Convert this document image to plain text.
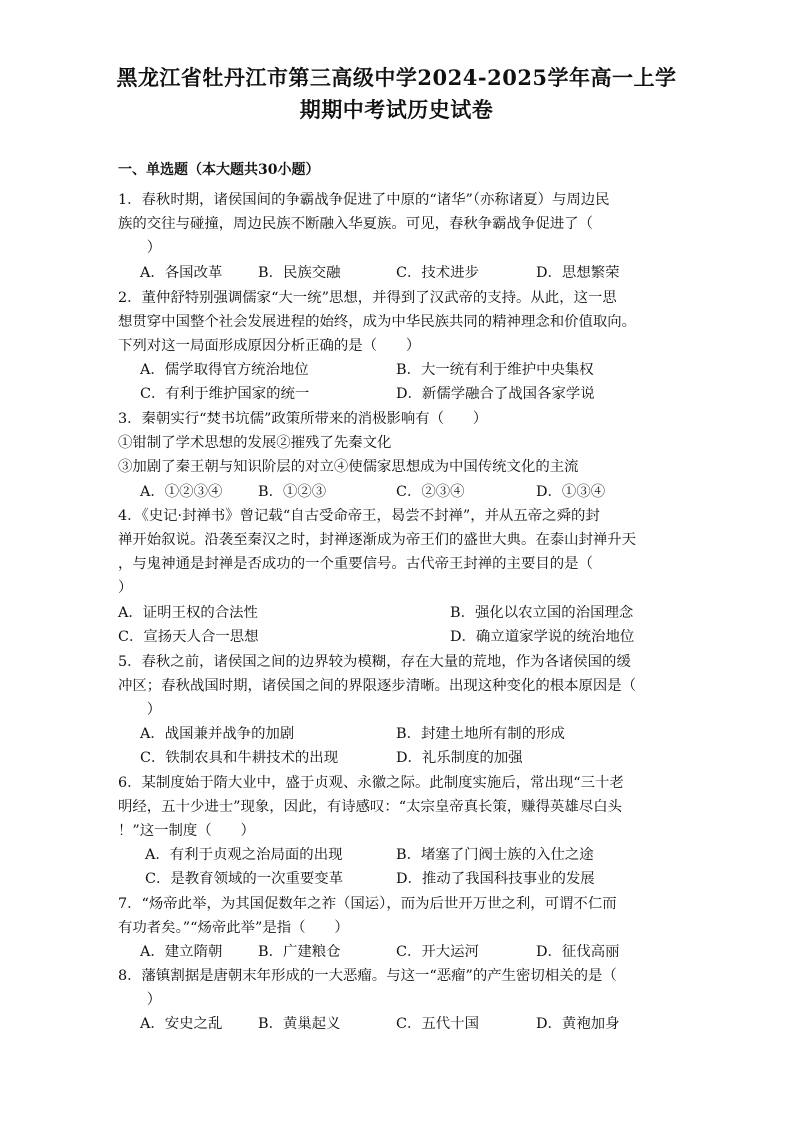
黑龙江省牡丹江市第三高级中学2024-2025学年高一上学
期期中考试历史试卷
一、单选题（本大题共30小题）
1．春秋时期，诸侯国间的争霸战争促进了中原的“诸华”（亦称诸夏）与周边民
族的交往与碰撞，周边民族不断融入华夏族。可见，春秋争霸战争促进了（
　　）
A．各国改革 B．民族交融	C．技术进步	D．思想繁荣
2．董仲舒特别强调儒家“大一统”思想，并得到了汉武帝的支持。从此，这一思
想贯穿中国整个社会发展进程的始终，成为中华民族共同的精神理念和价值取向。
下列对这一局面形成原因分析正确的是（　　）
A．儒学取得官方统治地位	B．大一统有利于维护中央集权
C．有利于维护国家的统一	D．新儒学融合了战国各家学说
3．秦朝实行“焚书坑儒”政策所带来的消极影响有（　　）
①钳制了学术思想的发展②摧残了先秦文化
③加剧了秦王朝与知识阶层的对立④使儒家思想成为中国传统文化的主流
A．①②③④ B．①②③	C．②③④	D．①③④
4．《史记·封禅书》曾记载“自古受命帝王，曷尝不封禅”，并从五帝之舜的封
禅开始叙说。沿袭至秦汉之时，封禅逐渐成为帝王们的盛世大典。在泰山封禅升天
，与鬼神通是封禅是否成功的一个重要信号。古代帝王封禅的主要目的是（
）
A．证明王权的合法性	B．强化以农立国的治国理念
C．宣扬天人合一思想	D．确立道家学说的统治地位
5．春秋之前，诸侯国之间的边界较为模糊，存在大量的荒地，作为各诸侯国的缓
冲区；春秋战国时期，诸侯国之间的界限逐步清晰。出现这种变化的根本原因是（
　　）
A．战国兼并战争的加剧	B．封建土地所有制的形成
C．铁制农具和牛耕技术的出现	D．礼乐制度的加强
6．某制度始于隋大业中，盛于贞观、永徽之际。此制度实施后，常出现“三十老
明经，五十少进士”现象，因此，有诗感叹：“太宗皇帝真长策，赚得英雄尽白头
！”这一制度（　　）
A．有利于贞观之治局面的出现	B．堵塞了门阀士族的入仕之途
C．是教育领域的一次重要变革	D．推动了我国科技事业的发展
7．“炀帝此举，为其国促数年之祚（国运），而为后世开万世之利，可谓不仁而
有功者矣。”“炀帝此举”是指（　　）
A．建立隋朝 B．广建粮仓	C．开大运河	D．征伐高丽
8．藩镇割据是唐朝末年形成的一大恶瘤。与这一“恶瘤”的产生密切相关的是（
　　）
A．安史之乱 B．黄巢起义	C．五代十国	D．黄袍加身
